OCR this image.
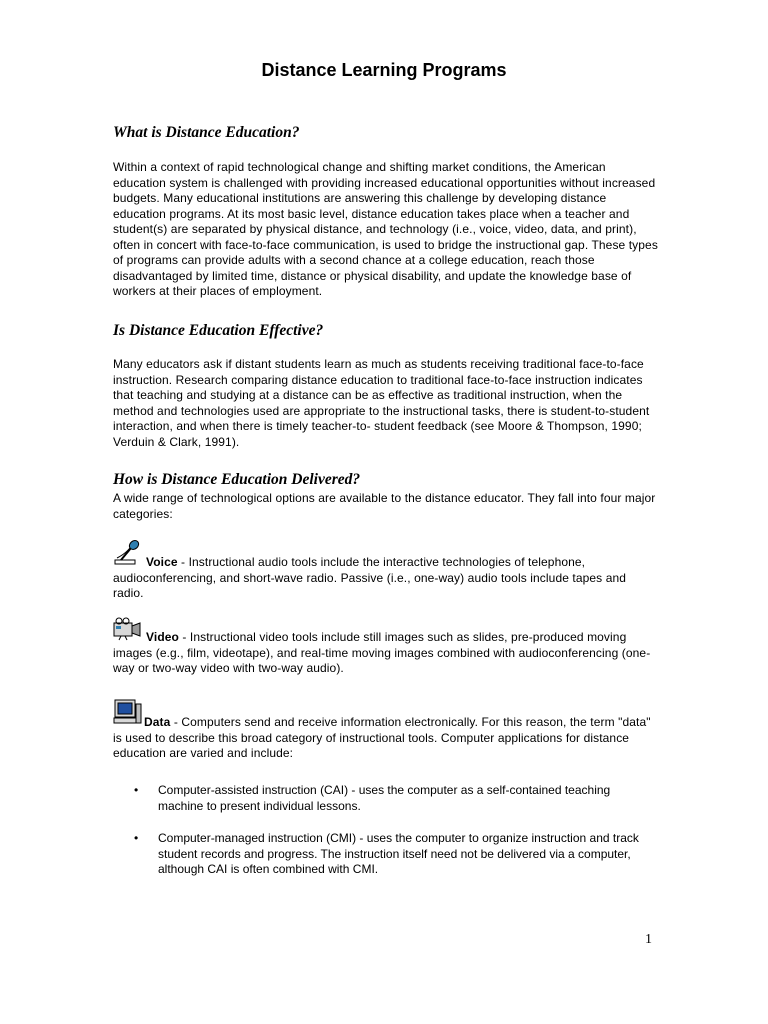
Distance Learning Programs
What is Distance Education?

Within a context of rapid technological change and shifting market conditions, the American education system is challenged with providing increased educational opportunities without increased budgets. Many educational institutions are answering this challenge by developing distance education programs. At its most basic level, distance education takes place when a teacher and student(s) are separated by physical distance, and technology (i.e., voice, video, data, and print), often in concert with face-to-face communication, is used to bridge the instructional gap. These types of programs can provide adults with a second chance at a college education, reach those disadvantaged by limited time, distance or physical disability, and update the knowledge base of workers at their places of employment.

Is Distance Education Effective?

Many educators ask if distant students learn as much as students receiving traditional face-to-face instruction. Research comparing distance education to traditional face-to-face instruction indicates that teaching and studying at a distance can be as effective as traditional instruction, when the method and technologies used are appropriate to the instructional tasks, there is student-to-student interaction, and when there is timely teacher-to- student feedback (see Moore & Thompson, 1990; Verduin & Clark, 1991).

How is Distance Education Delivered?

A wide range of technological options are available to the distance educator. They fall into four major categories:

Voice - Instructional audio tools include the interactive technologies of telephone, audioconferencing, and short-wave radio. Passive (i.e., one-way) audio tools include tapes and radio.

Video - Instructional video tools include still images such as slides, pre-produced moving images (e.g., film, videotape), and real-time moving images combined with audioconferencing (one-way or two-way video with two-way audio).

Data - Computers send and receive information electronically. For this reason, the term "data" is used to describe this broad category of instructional tools. Computer applications for distance education are varied and include:

• Computer-assisted instruction (CAI) - uses the computer as a self-contained teaching machine to present individual lessons.
• Computer-managed instruction (CMI) - uses the computer to organize instruction and track student records and progress. The instruction itself need not be delivered via a computer, although CAI is often combined with CMI.

1
